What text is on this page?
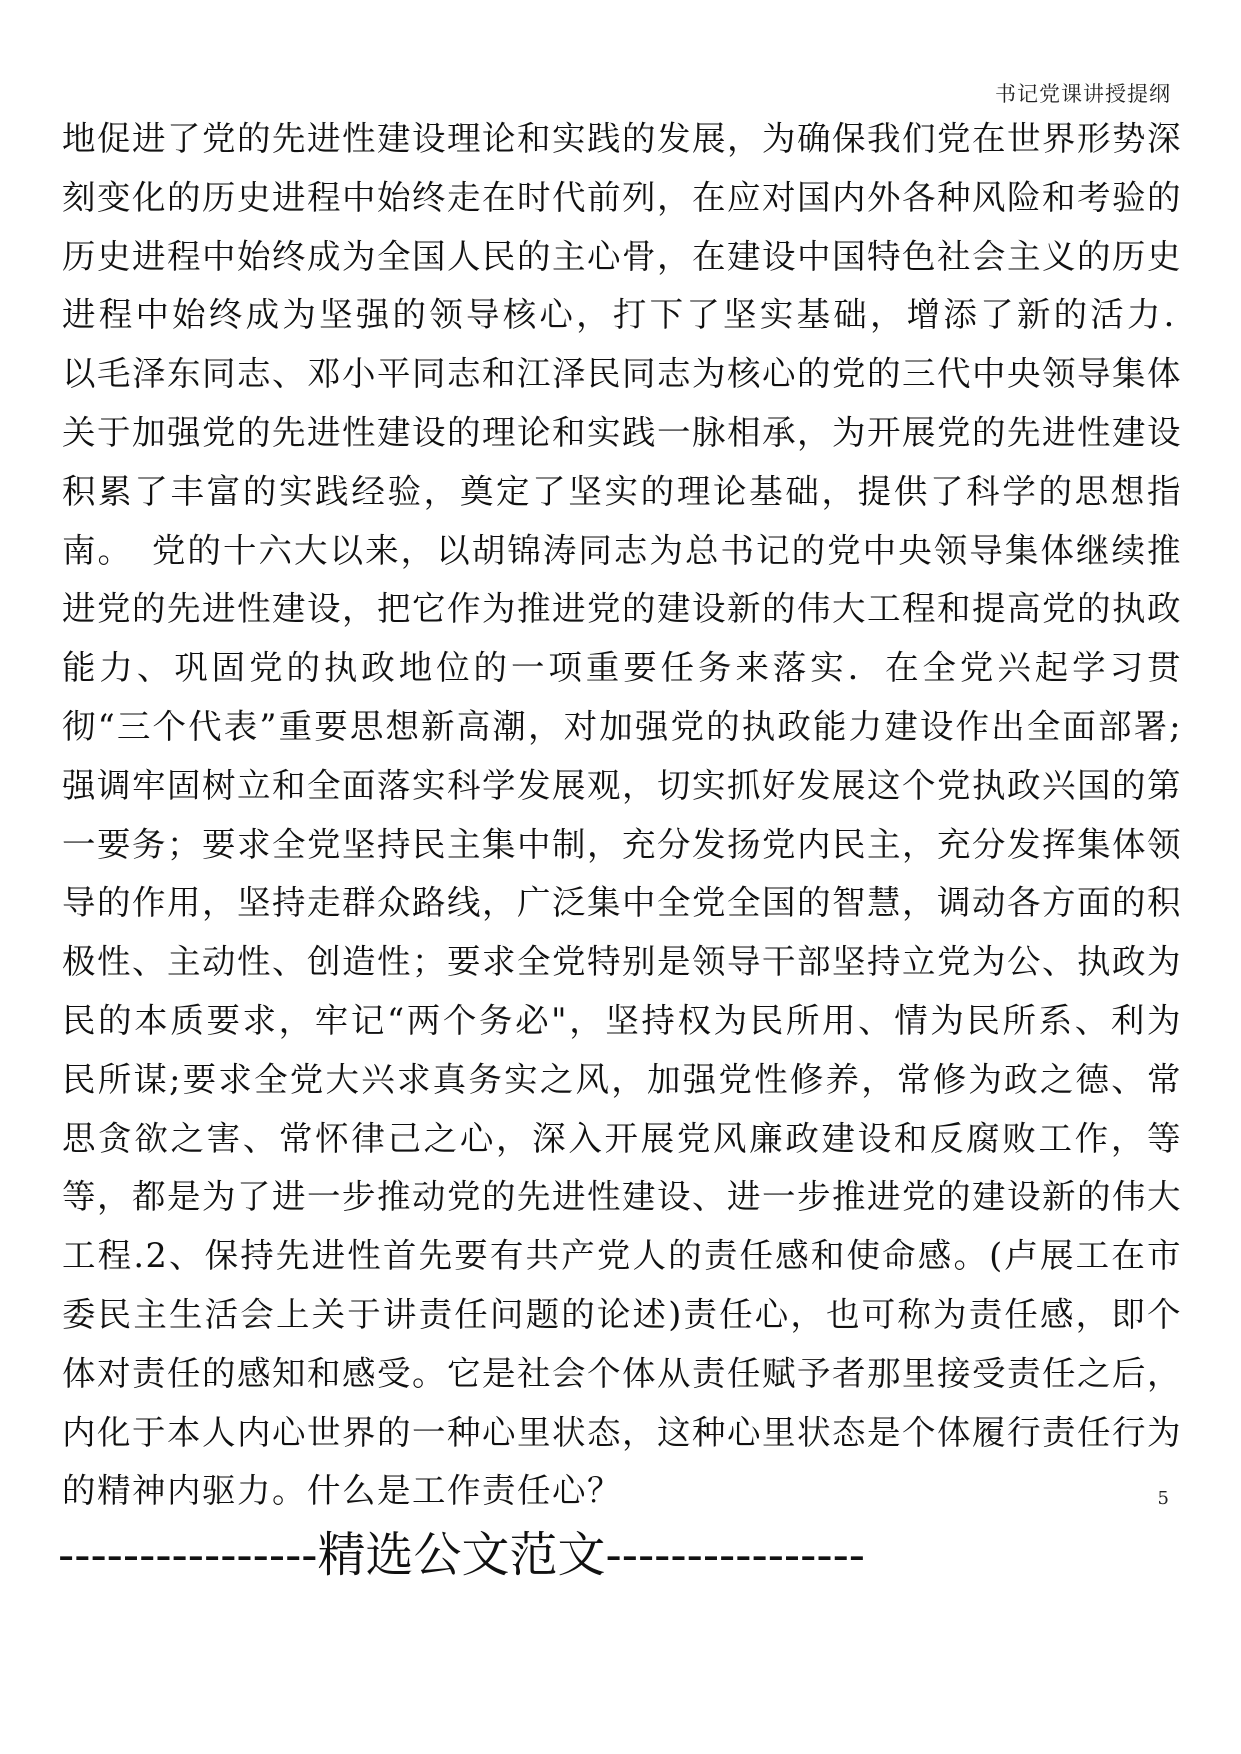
书记党课讲授提纲

地促进了党的先进性建设理论和实践的发展，为确保我们党在世界形势深刻变化的历史进程中始终走在时代前列，在应对国内外各种风险和考验的历史进程中始终成为全国人民的主心骨，在建设中国特色社会主义的历史进程中始终成为坚强的领导核心，打下了坚实基础，增添了新的活力．　以毛泽东同志、邓小平同志和江泽民同志为核心的党的三代中央领导集体关于加强党的先进性建设的理论和实践一脉相承，为开展党的先进性建设积累了丰富的实践经验，奠定了坚实的理论基础，提供了科学的思想指南。　党的十六大以来，以胡锦涛同志为总书记的党中央领导集体继续推进党的先进性建设，把它作为推进党的建设新的伟大工程和提高党的执政能力、巩固党的执政地位的一项重要任务来落实．在全党兴起学习贯彻“三个代表”重要思想新高潮，对加强党的执政能力建设作出全面部署;强调牢固树立和全面落实科学发展观，切实抓好发展这个党执政兴国的第一要务；要求全党坚持民主集中制，充分发扬党内民主，充分发挥集体领导的作用，坚持走群众路线，广泛集中全党全国的智慧，调动各方面的积极性、主动性、创造性；要求全党特别是领导干部坚持立党为公、执政为民的本质要求，牢记“两个务必"，坚持权为民所用、情为民所系、利为民所谋;要求全党大兴求真务实之风，加强党性修养，常修为政之德、常思贪欲之害、常怀律己之心，深入开展党风廉政建设和反腐败工作，等等，都是为了进一步推动党的先进性建设、进一步推进党的建设新的伟大工程.2、保持先进性首先要有共产党人的责任感和使命感。(卢展工在市委民主生活会上关于讲责任问题的论述)责任心，也可称为责任感，即个体对责任的感知和感受。它是社会个体从责任赋予者那里接受责任之后，内化于本人内心世界的一种心里状态，这种心里状态是个体履行责任行为的精神内驱力。什么是工作责任心？	5
----------------精选公文范文----------------
